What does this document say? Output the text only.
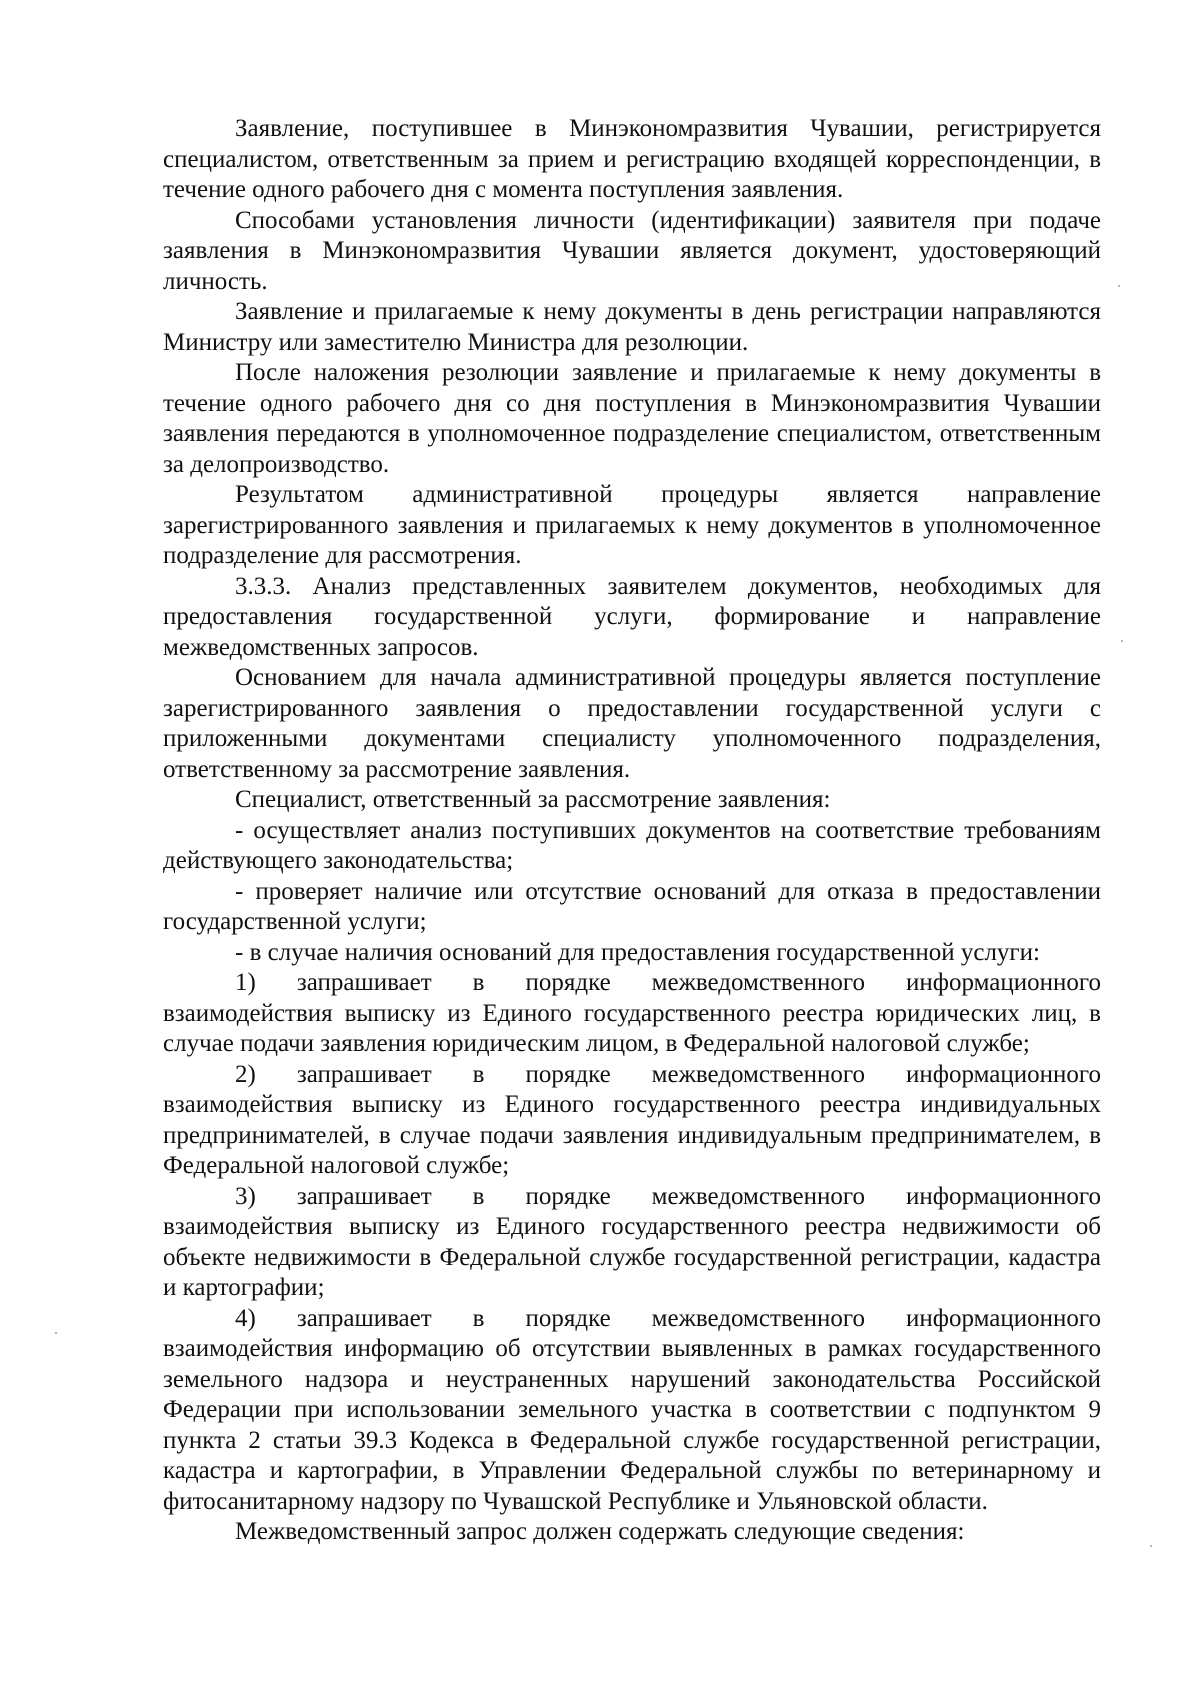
Заявление, поступившее в Минэкономразвития Чувашии, регистрируется специалистом, ответственным за прием и регистрацию входящей корреспонденции, в течение одного рабочего дня с момента поступления заявления.

Способами установления личности (идентификации) заявителя при подаче заявления в Минэкономразвития Чувашии является документ, удостоверяющий личность.

Заявление и прилагаемые к нему документы в день регистрации направляются Министру или заместителю Министра для резолюции.

После наложения резолюции заявление и прилагаемые к нему документы в течение одного рабочего дня со дня поступления в Минэкономразвития Чувашии заявления передаются в уполномоченное подразделение специалистом, ответственным за делопроизводство.

Результатом административной процедуры является направление зарегистрированного заявления и прилагаемых к нему документов в уполномоченное подразделение для рассмотрения.

3.3.3. Анализ представленных заявителем документов, необходимых для предоставления государственной услуги, формирование и направление межведомственных запросов.

Основанием для начала административной процедуры является поступление зарегистрированного заявления о предоставлении государственной услуги с приложенными документами специалисту уполномоченного подразделения, ответственному за рассмотрение заявления.

Специалист, ответственный за рассмотрение заявления:

- осуществляет анализ поступивших документов на соответствие требованиям действующего законодательства;

- проверяет наличие или отсутствие оснований для отказа в предоставлении государственной услуги;

- в случае наличия оснований для предоставления государственной услуги:

1) запрашивает в порядке межведомственного информационного взаимодействия выписку из Единого государственного реестра юридических лиц, в случае подачи заявления юридическим лицом, в Федеральной налоговой службе;

2) запрашивает в порядке межведомственного информационного взаимодействия выписку из Единого государственного реестра индивидуальных предпринимателей, в случае подачи заявления индивидуальным предпринимателем, в Федеральной налоговой службе;

3) запрашивает в порядке межведомственного информационного взаимодействия выписку из Единого государственного реестра недвижимости об объекте недвижимости в Федеральной службе государственной регистрации, кадастра и картографии;

4) запрашивает в порядке межведомственного информационного взаимодействия информацию об отсутствии выявленных в рамках государственного земельного надзора и неустраненных нарушений законодательства Российской Федерации при использовании земельного участка в соответствии с подпунктом 9 пункта 2 статьи 39.3 Кодекса в Федеральной службе государственной регистрации, кадастра и картографии, в Управлении Федеральной службы по ветеринарному и фитосанитарному надзору по Чувашской Республике и Ульяновской области.

Межведомственный запрос должен содержать следующие сведения:
